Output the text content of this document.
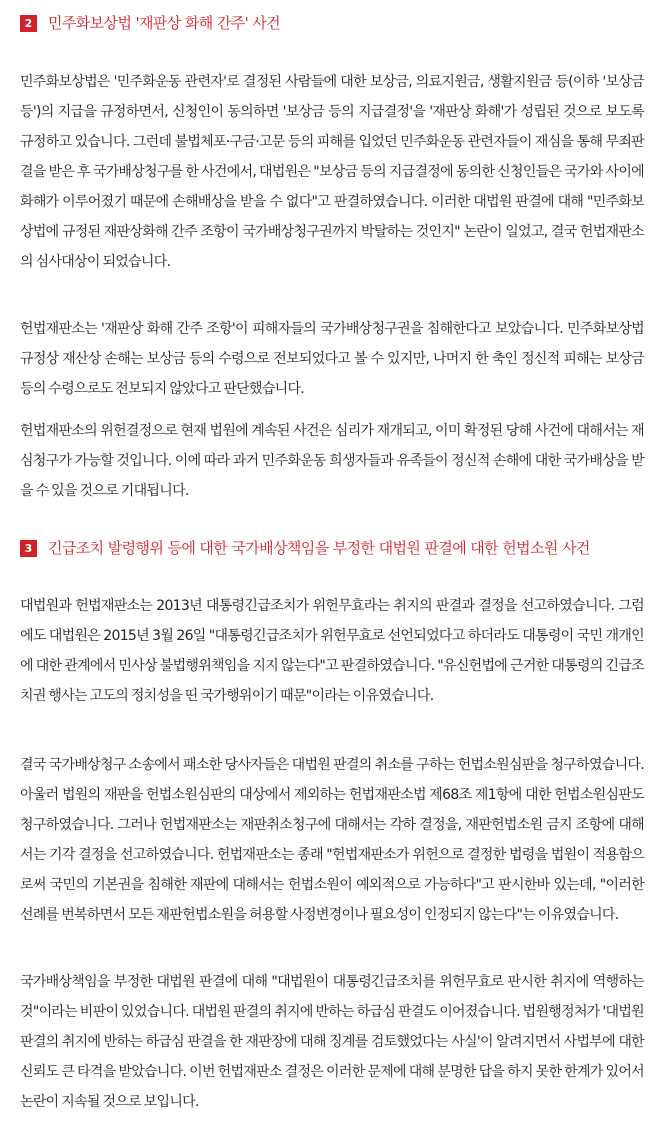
2	민주화보상법 '재판상 화해 간주' 사건

민주화보상법은 '민주화운동 관련자'로 결정된 사람들에 대한 보상금, 의료지원금, 생활지원금 등(이하 '보상금 등')의 지급을 규정하면서, 신청인이 동의하면 '보상금 등의 지급결정'을 '재판상 화해'가 성립된 것으로 보도록 규정하고 있습니다. 그런데 불법체포·구금·고문 등의 피해를 입었던 민주화운동 관련자들이 재심을 통해 무죄판결을 받은 후 국가배상청구를 한 사건에서, 대법원은 "보상금 등의 지급결정에 동의한 신청인들은 국가와 사이에 화해가 이루어졌기 때문에 손해배상을 받을 수 없다"고 판결하였습니다. 이러한 대법원 판결에 대해 "민주화보상법에 규정된 재판상화해 간주 조항이 국가배상청구권까지 박탈하는 것인지" 논란이 일었고, 결국 헌법재판소의 심사대상이 되었습니다.

헌법재판소는 '재판상 화해 간주 조항'이 피해자들의 국가배상청구권을 침해한다고 보았습니다. 민주화보상법 규정상 재산상 손해는 보상금 등의 수령으로 전보되었다고 볼 수 있지만, 나머지 한 축인 정신적 피해는 보상금 등의 수령으로도 전보되지 않았다고 판단했습니다.

헌법재판소의 위헌결정으로 현재 법원에 계속된 사건은 심리가 재개되고, 이미 확정된 당해 사건에 대해서는 재심청구가 가능할 것입니다. 이에 따라 과거 민주화운동 희생자들과 유족들이 정신적 손해에 대한 국가배상을 받을 수 있을 것으로 기대됩니다.

3	긴급조치 발령행위 등에 대한 국가배상책임을 부정한 대법원 판결에 대한 헌법소원 사건

대법원과 헌법재판소는 2013년 대통령긴급조치가 위헌무효라는 취지의 판결과 결정을 선고하였습니다. 그럼에도 대법원은 2015년 3월 26일 "대통령긴급조치가 위헌무효로 선언되었다고 하더라도 대통령이 국민 개개인에 대한 관계에서 민사상 불법행위책임을 지지 않는다"고 판결하였습니다. "유신헌법에 근거한 대통령의 긴급조치권 행사는 고도의 정치성을 띤 국가행위이기 때문"이라는 이유였습니다.

결국 국가배상청구 소송에서 패소한 당사자들은 대법원 판결의 취소를 구하는 헌법소원심판을 청구하였습니다. 아울러 법원의 재판을 헌법소원심판의 대상에서 제외하는 헌법재판소법 제68조 제1항에 대한 헌법소원심판도 청구하였습니다. 그러나 헌법재판소는 재판취소청구에 대해서는 각하 결정을, 재판헌법소원 금지 조항에 대해서는 기각 결정을 선고하였습니다. 헌법재판소는 종래 "헌법재판소가 위헌으로 결정한 법령을 법원이 적용함으로써 국민의 기본권을 침해한 재판에 대해서는 헌법소원이 예외적으로 가능하다"고 판시한바 있는데, "이러한 선례를 번복하면서 모든 재판헌법소원을 허용할 사정변경이나 필요성이 인정되지 않는다"는 이유였습니다.

국가배상책임을 부정한 대법원 판결에 대해 "대법원이 대통령긴급조치를 위헌무효로 판시한 취지에 역행하는 것"이라는 비판이 있었습니다. 대법원 판결의 취지에 반하는 하급심 판결도 이어졌습니다. 법원행정처가 '대법원 판결의 취지에 반하는 하급심 판결을 한 재판장에 대해 징계를 검토했었다는 사실'이 알려지면서 사법부에 대한 신뢰도 큰 타격을 받았습니다. 이번 헌법재판소 결정은 이러한 문제에 대해 분명한 답을 하지 못한 한계가 있어서 논란이 지속될 것으로 보입니다.
